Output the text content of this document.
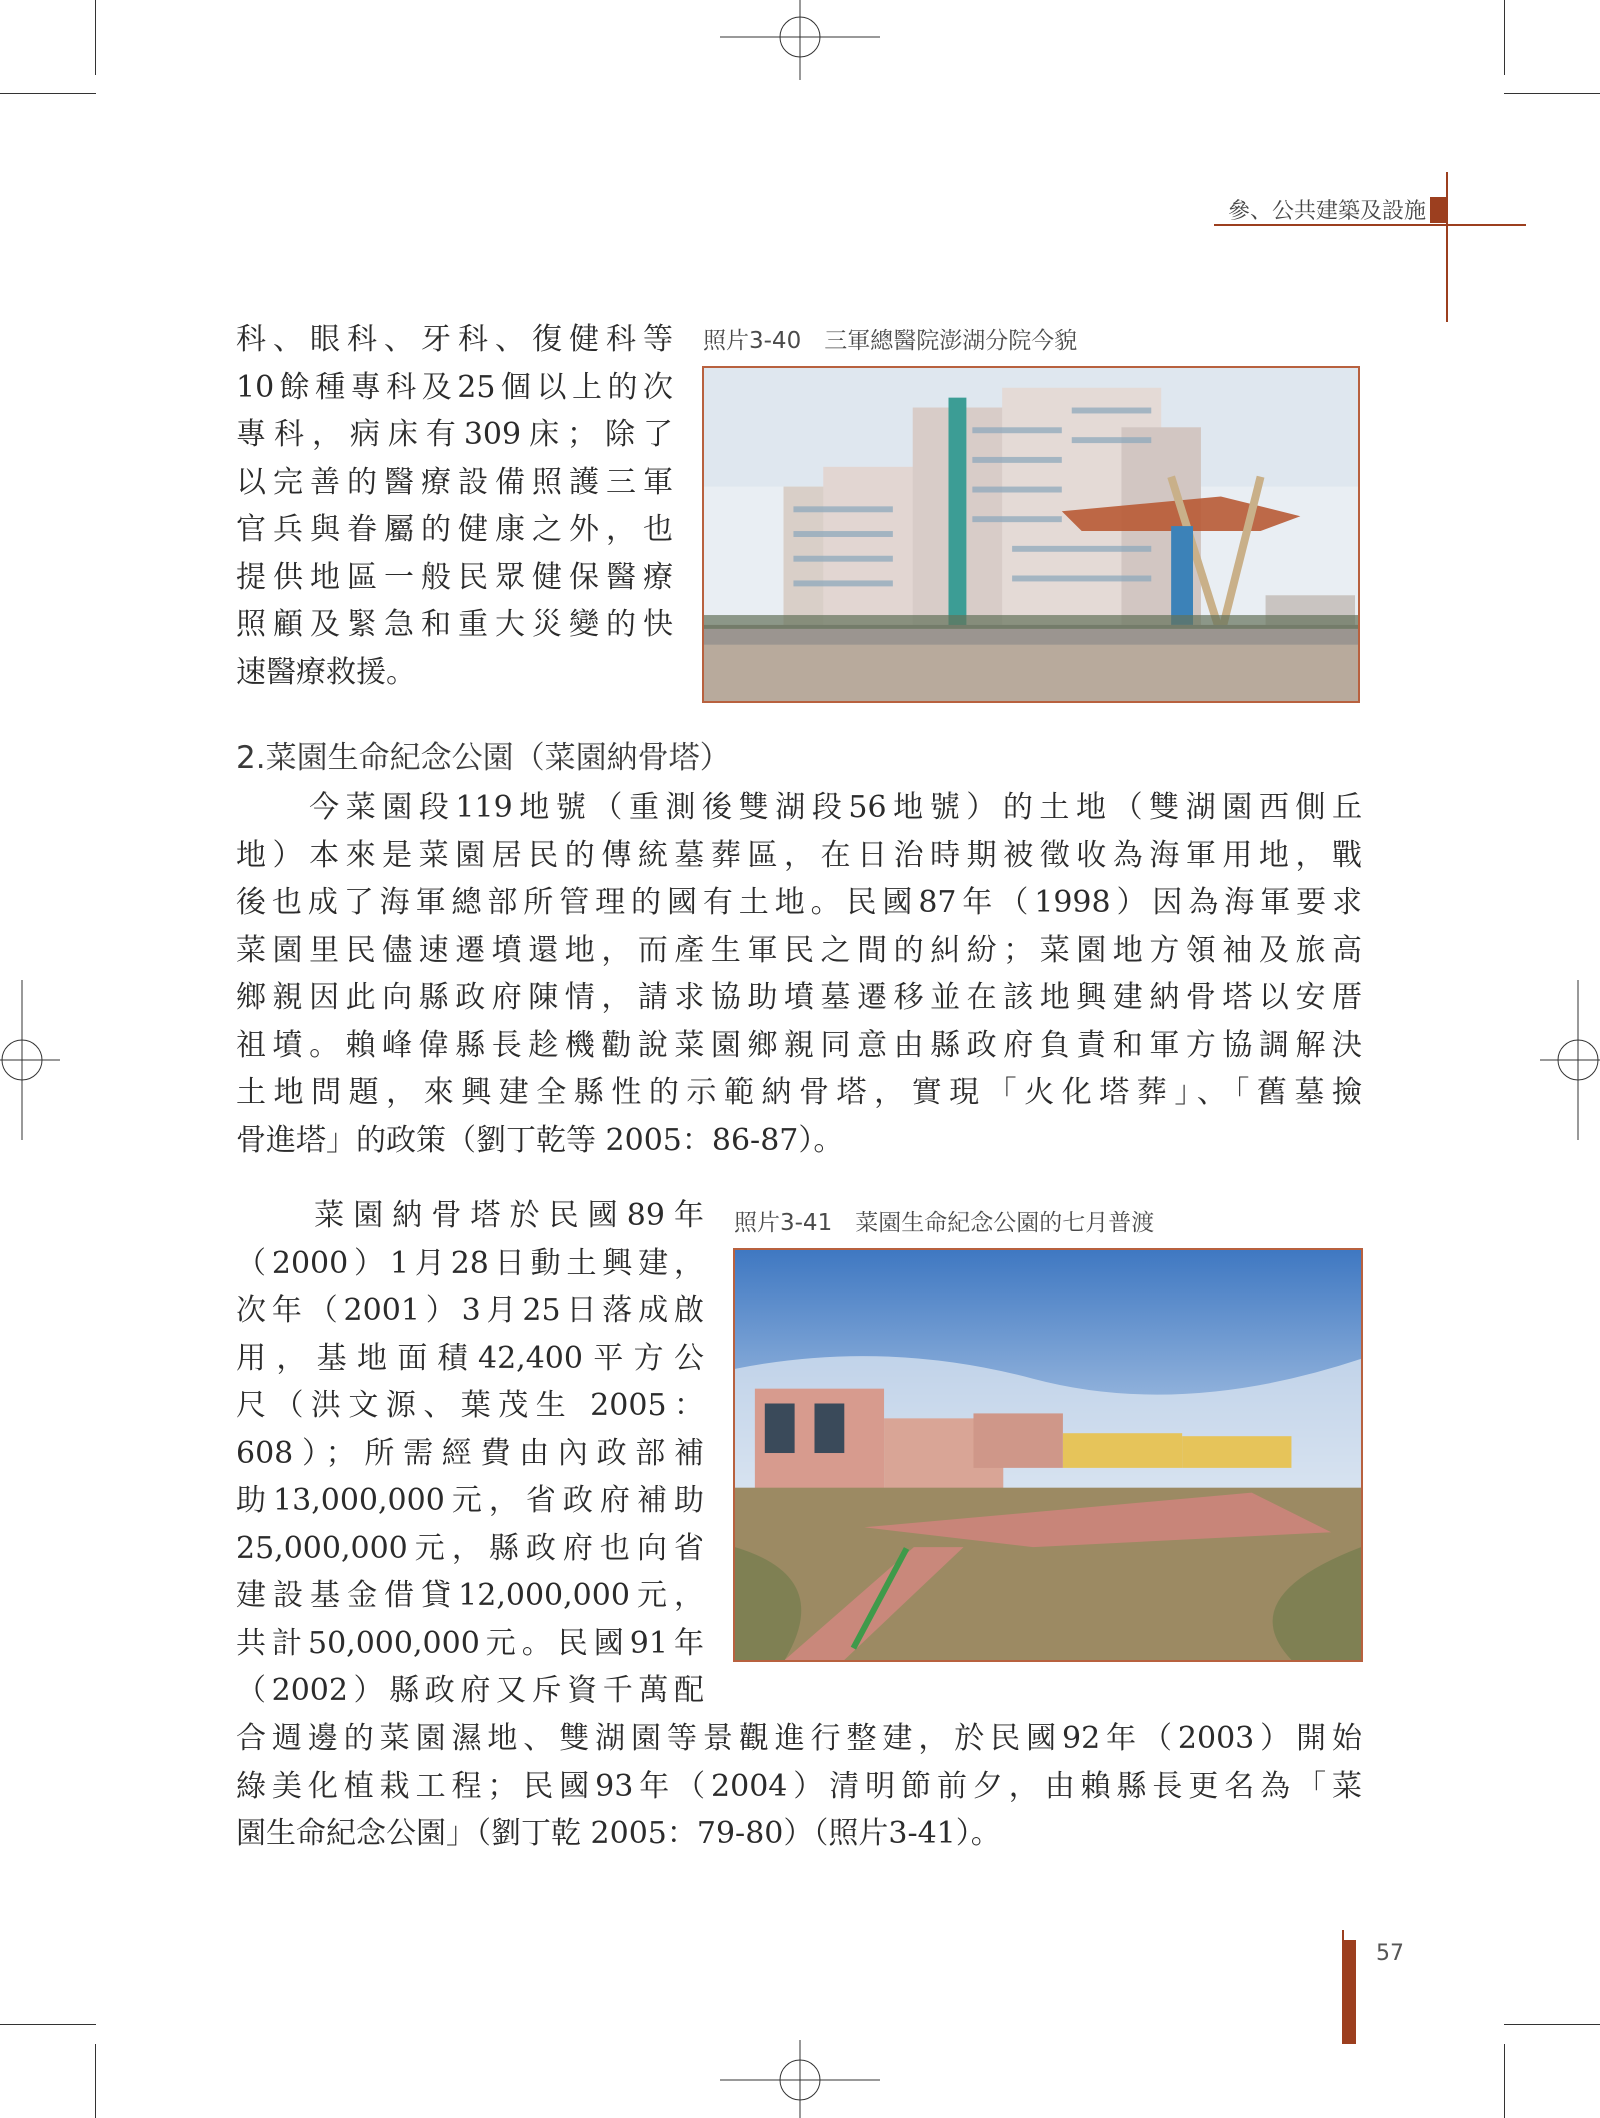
參、公共建築及設施

科、眼科、牙科、復健科等

10餘種專科及25個以上的次

專科，病床有309床；除了

以完善的醫療設備照護三軍

官兵與眷屬的健康之外，也

提供地區一般民眾健保醫療

照顧及緊急和重大災變的快

速醫療救援。

照片3-40　三軍總醫院澎湖分院今貌
2.菜園生命紀念公園（菜園納骨塔）

　　今菜園段119地號（重測後雙湖段56地號）的土地（雙湖園西側丘

地）本來是菜園居民的傳統墓葬區，在日治時期被徵收為海軍用地，戰

後也成了海軍總部所管理的國有土地。民國87年（1998）因為海軍要求

菜園里民儘速遷墳還地，而產生軍民之間的糾紛；菜園地方領袖及旅高

鄉親因此向縣政府陳情，請求協助墳墓遷移並在該地興建納骨塔以安厝

祖墳。賴峰偉縣長趁機勸說菜園鄉親同意由縣政府負責和軍方協調解決

土地問題，來興建全縣性的示範納骨塔，實現「火化塔葬」、「舊墓撿

骨進塔」的政策（劉丁乾等 2005：86-87）。

　　菜園納骨塔於民國89年

（2000）1月28日動土興建，

次年（2001）3月25日落成啟

用，基地面積42,400平方公

尺（洪文源、葉茂生 2005：

608）；所需經費由內政部補

助13,000,000元，省政府補助

25,000,000元，縣政府也向省

建設基金借貸12,000,000元，

共計50,000,000元。民國91年

（2002）縣政府又斥資千萬配

照片3-41　菜園生命紀念公園的七月普渡

合週邊的菜園濕地、雙湖園等景觀進行整建，於民國92年（2003）開始

綠美化植栽工程；民國93年（2004）清明節前夕，由賴縣長更名為「菜

園生命紀念公園」（劉丁乾 2005：79-80）（照片3-41）。

57
